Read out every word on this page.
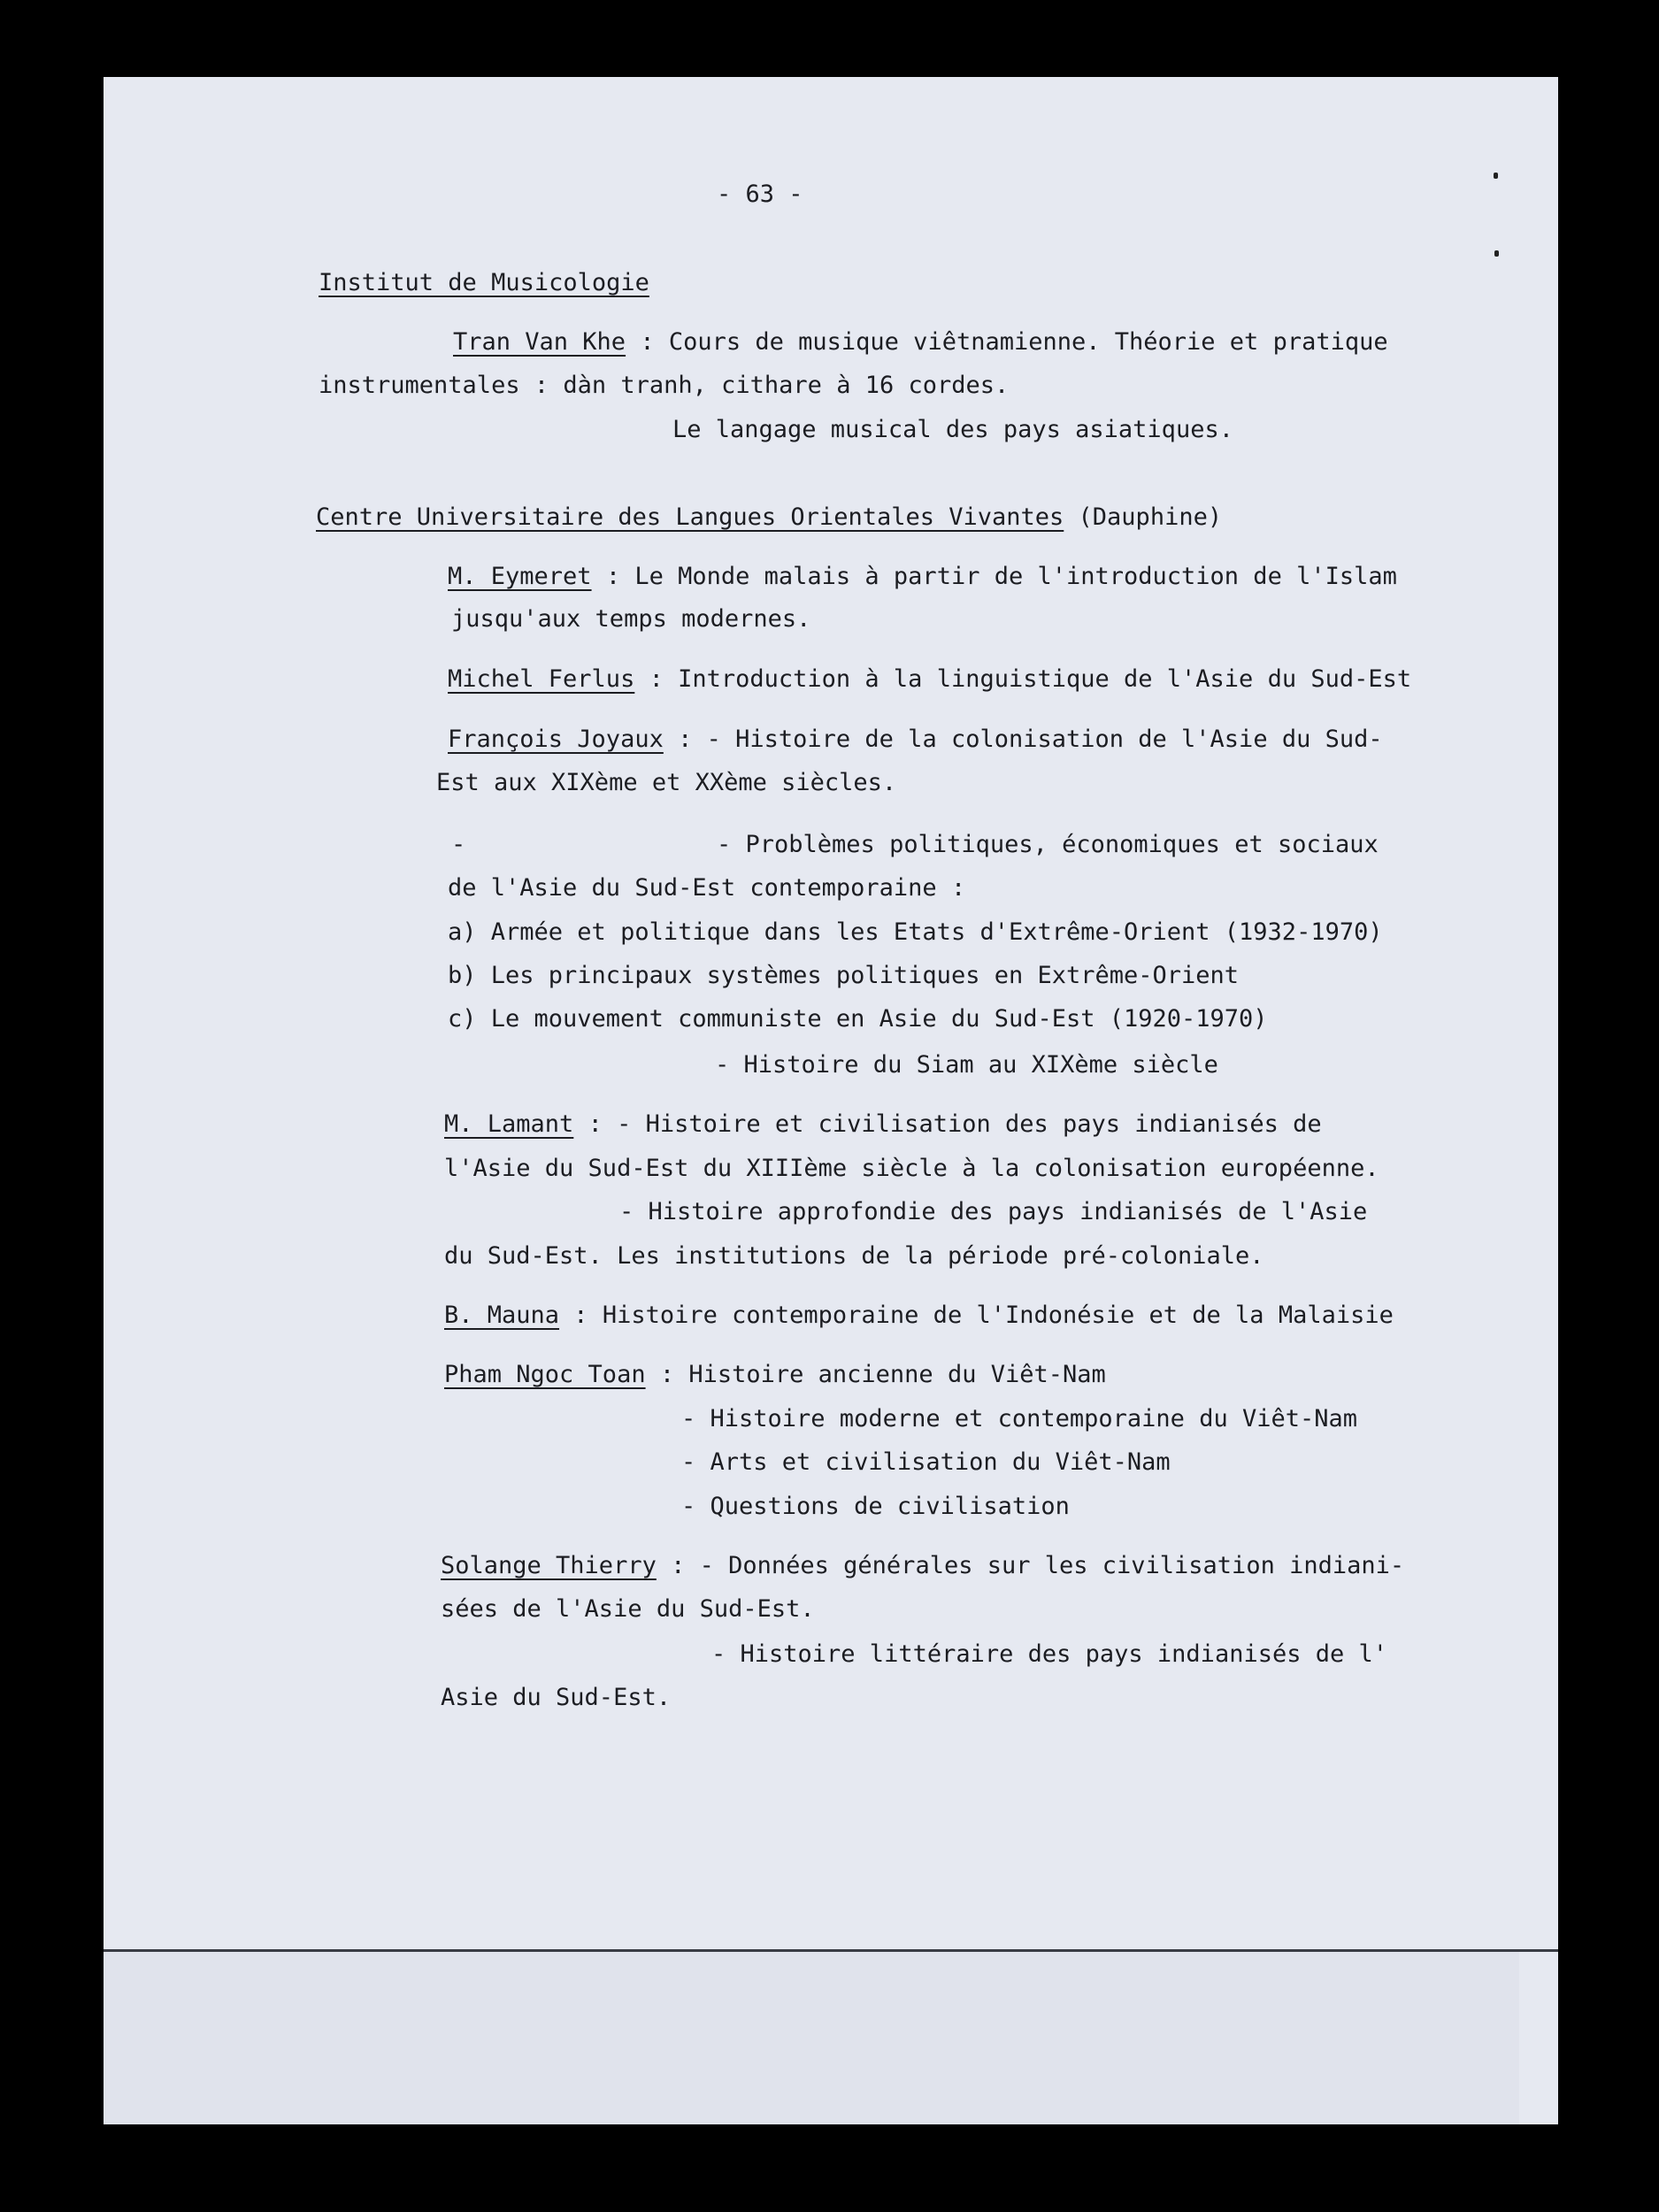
- 63 -
Institut de Musicologie
Tran Van Khe : Cours de musique viêtnamienne. Théorie et pratique
instrumentales : dàn tranh, cithare à 16 cordes.
Le langage musical des pays asiatiques.
Centre Universitaire des Langues Orientales Vivantes (Dauphine)
M. Eymeret : Le Monde malais à partir de l'introduction de l'Islam
jusqu'aux temps modernes.
Michel Ferlus : Introduction à la linguistique de l'Asie du Sud-Est
François Joyaux : - Histoire de la colonisation de l'Asie du Sud-
Est aux XIXème et XXème siècles.
-	- Problèmes politiques, économiques et sociaux
de l'Asie du Sud-Est contemporaine :
a) Armée et politique dans les Etats d'Extrême-Orient (1932-1970)
b) Les principaux systèmes politiques en Extrême-Orient
c) Le mouvement communiste en Asie du Sud-Est (1920-1970)
- Histoire du Siam au XIXème siècle
M. Lamant : - Histoire et civilisation des pays indianisés de
l'Asie du Sud-Est du XIIIème siècle à la colonisation européenne.
- Histoire approfondie des pays indianisés de l'Asie
du Sud-Est. Les institutions de la période pré-coloniale.
B. Mauna : Histoire contemporaine de l'Indonésie et de la Malaisie
Pham Ngoc Toan : Histoire ancienne du Viêt-Nam
- Histoire moderne et contemporaine du Viêt-Nam
- Arts et civilisation du Viêt-Nam
- Questions de civilisation
Solange Thierry : - Données générales sur les civilisation indiani-
sées de l'Asie du Sud-Est.
- Histoire littéraire des pays indianisés de l'
Asie du Sud-Est.
